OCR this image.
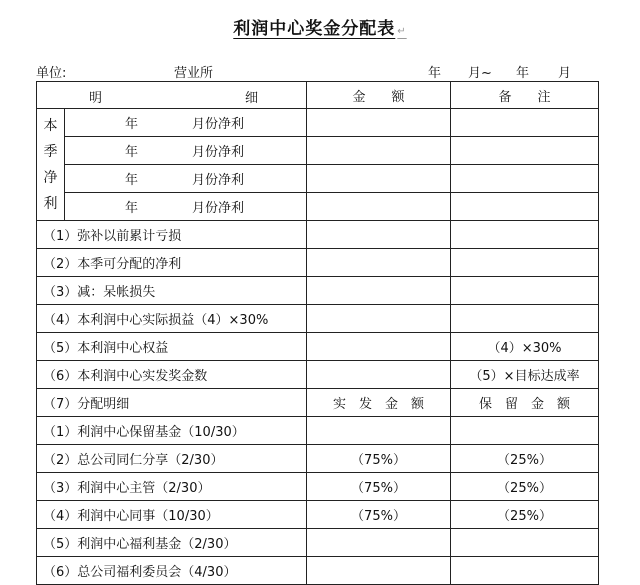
利润中心奖金分配表 ↵
单位:	营业所	年 月~ 年 月
明 细		金　　额	备　　注

本
季
净
利	年 月份净利		
	年 月份净利		
	年 月份净利		
	年 月份净利		
（1）弥补以前累计亏损			
（2）本季可分配的净利			
（3）减：呆帐损失			
（4）本利润中心实际损益（4）×30%			
（5）本利润中心权益			（4）×30%
（6）本利润中心实发奖金数			（5）×目标达成率
（7）分配明细		实　发　金　额	保　留　金　额
（1）利润中心保留基金（10/30）			
（2）总公司同仁分享（2/30）		（75%）	（25%）
（3）利润中心主管（2/30）		（75%）	（25%）
（4）利润中心同事（10/30）		（75%）	（25%）
（5）利润中心福利基金（2/30）			
（6）总公司福利委员会（4/30）			
